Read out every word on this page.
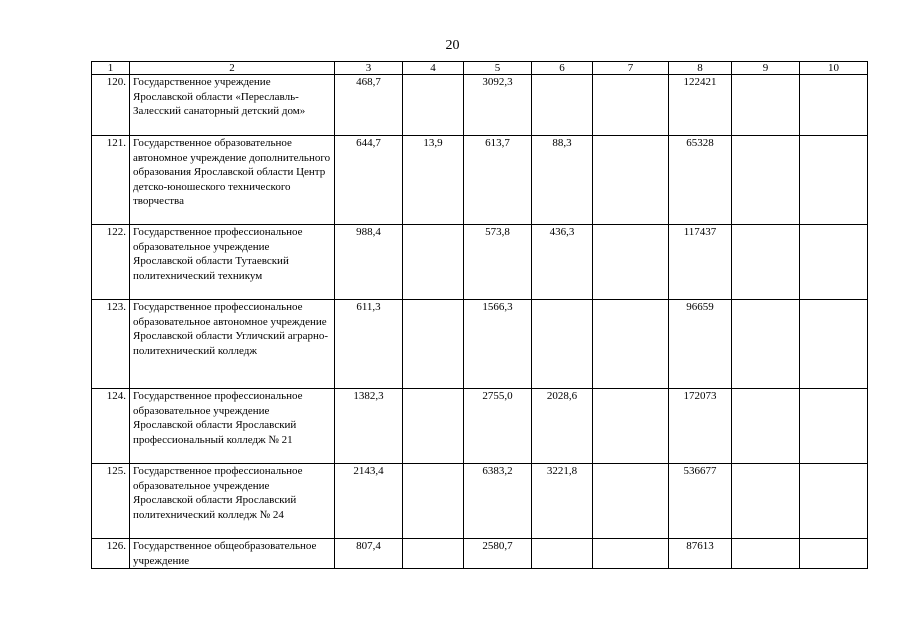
20
1	2	3	4	5	6	7	8	9	10
120.	Государственное учреждение Ярославской области «Переславль-Залесский санаторный детский дом»	468,7		3092,3			122421		
121.	Государственное образовательное автономное учреждение дополнительного образования Ярославской области Центр детско-юношеского технического творчества	644,7	13,9	613,7	88,3		65328		
122.	Государственное профессиональное образовательное учреждение Ярославской области Тутаевский политехнический техникум	988,4		573,8	436,3		117437		
123.	Государственное профессиональное образовательное автономное учреждение Ярославской области Угличский аграрно-политехнический колледж	611,3		1566,3			96659		
124.	Государственное профессиональное образовательное учреждение Ярославской области Ярославский профессиональный колледж № 21	1382,3		2755,0	2028,6		172073		
125.	Государственное профессиональное образовательное учреждение Ярославской области Ярославский политехнический колледж № 24	2143,4		6383,2	3221,8		536677		
126.	Государственное общеобразовательное учреждение	807,4		2580,7			87613		
